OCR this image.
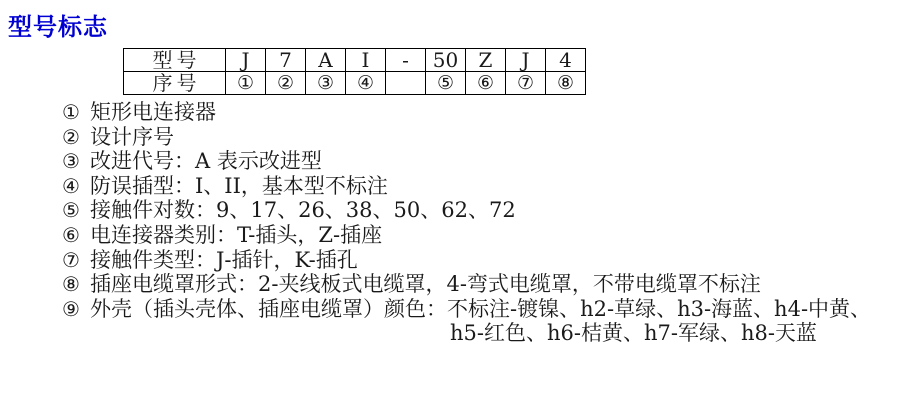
型号标志
型号	J	7	A	I	-	50	Z	J	4
序号	①	②	③	④		⑤	⑥	⑦	⑧
① 矩形电连接器
② 设计序号
③ 改进代号：A 表示改进型
④ 防误插型：I、II，基本型不标注
⑤ 接触件对数：9、17、26、38、50、62、72
⑥ 电连接器类别：T-插头，Z-插座
⑦ 接触件类型：J-插针，K-插孔
⑧ 插座电缆罩形式：2-夹线板式电缆罩，4-弯式电缆罩，不带电缆罩不标注
⑨ 外壳（插头壳体、插座电缆罩）颜色：不标注-镀镍、h2-草绿、h3-海蓝、h4-中黄、
h5-红色、h6-桔黄、h7-军绿、h8-天蓝
